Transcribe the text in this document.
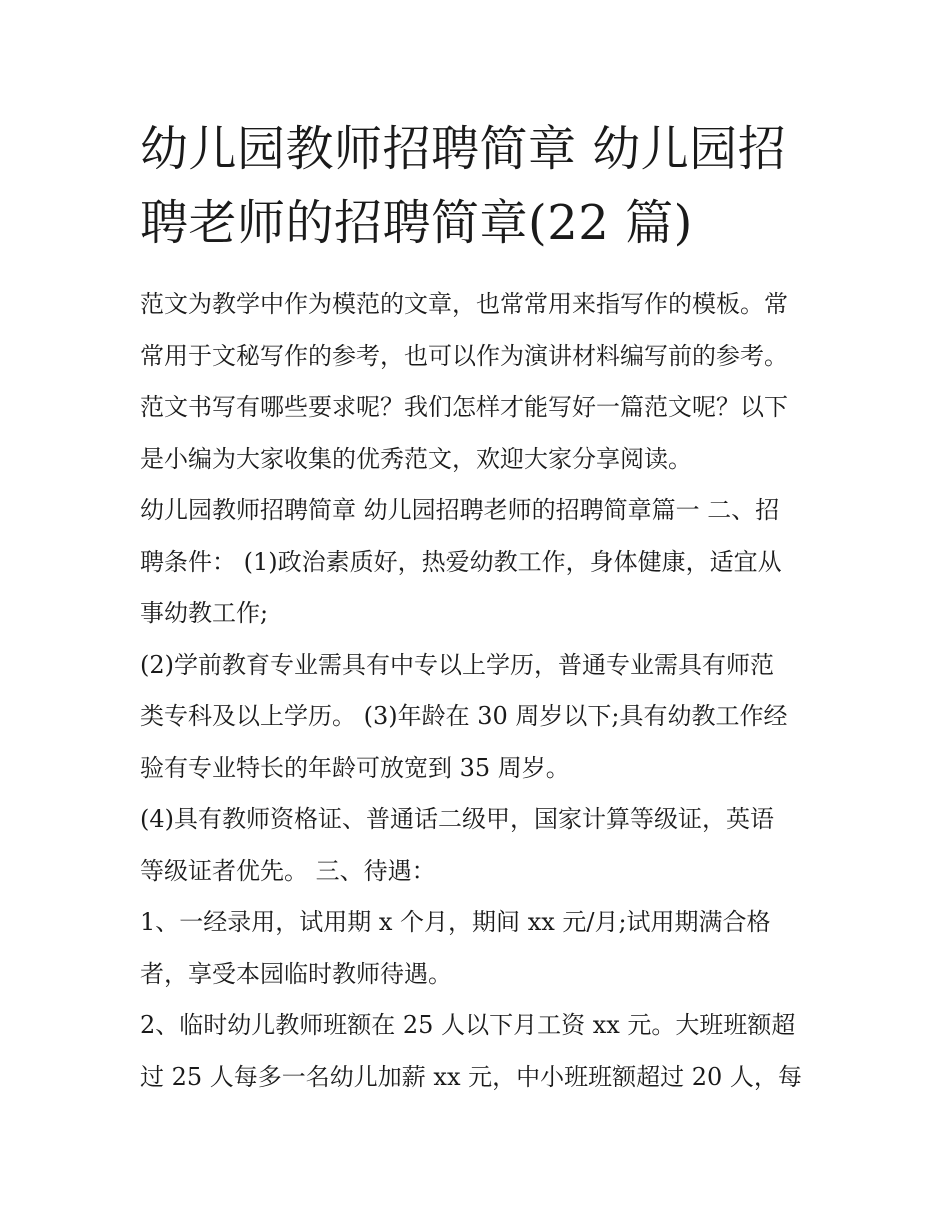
幼儿园教师招聘简章 幼儿园招
聘老师的招聘简章(22 篇)
范文为教学中作为模范的文章，也常常用来指写作的模板。常
常用于文秘写作的参考，也可以作为演讲材料编写前的参考。
范文书写有哪些要求呢？我们怎样才能写好一篇范文呢？以下
是小编为大家收集的优秀范文，欢迎大家分享阅读。
幼儿园教师招聘简章 幼儿园招聘老师的招聘简章篇一 二、招
聘条件： (1)政治素质好，热爱幼教工作，身体健康，适宜从
事幼教工作;
(2)学前教育专业需具有中专以上学历，普通专业需具有师范
类专科及以上学历。 (3)年龄在 30 周岁以下;具有幼教工作经
验有专业特长的年龄可放宽到 35 周岁。
(4)具有教师资格证、普通话二级甲，国家计算等级证，英语
等级证者优先。 三、待遇：
1、一经录用，试用期 x 个月，期间 xx 元/月;试用期满合格
者，享受本园临时教师待遇。
2、临时幼儿教师班额在 25 人以下月工资 xx 元。大班班额超
过 25 人每多一名幼儿加薪 xx 元，中小班班额超过 20 人，每
